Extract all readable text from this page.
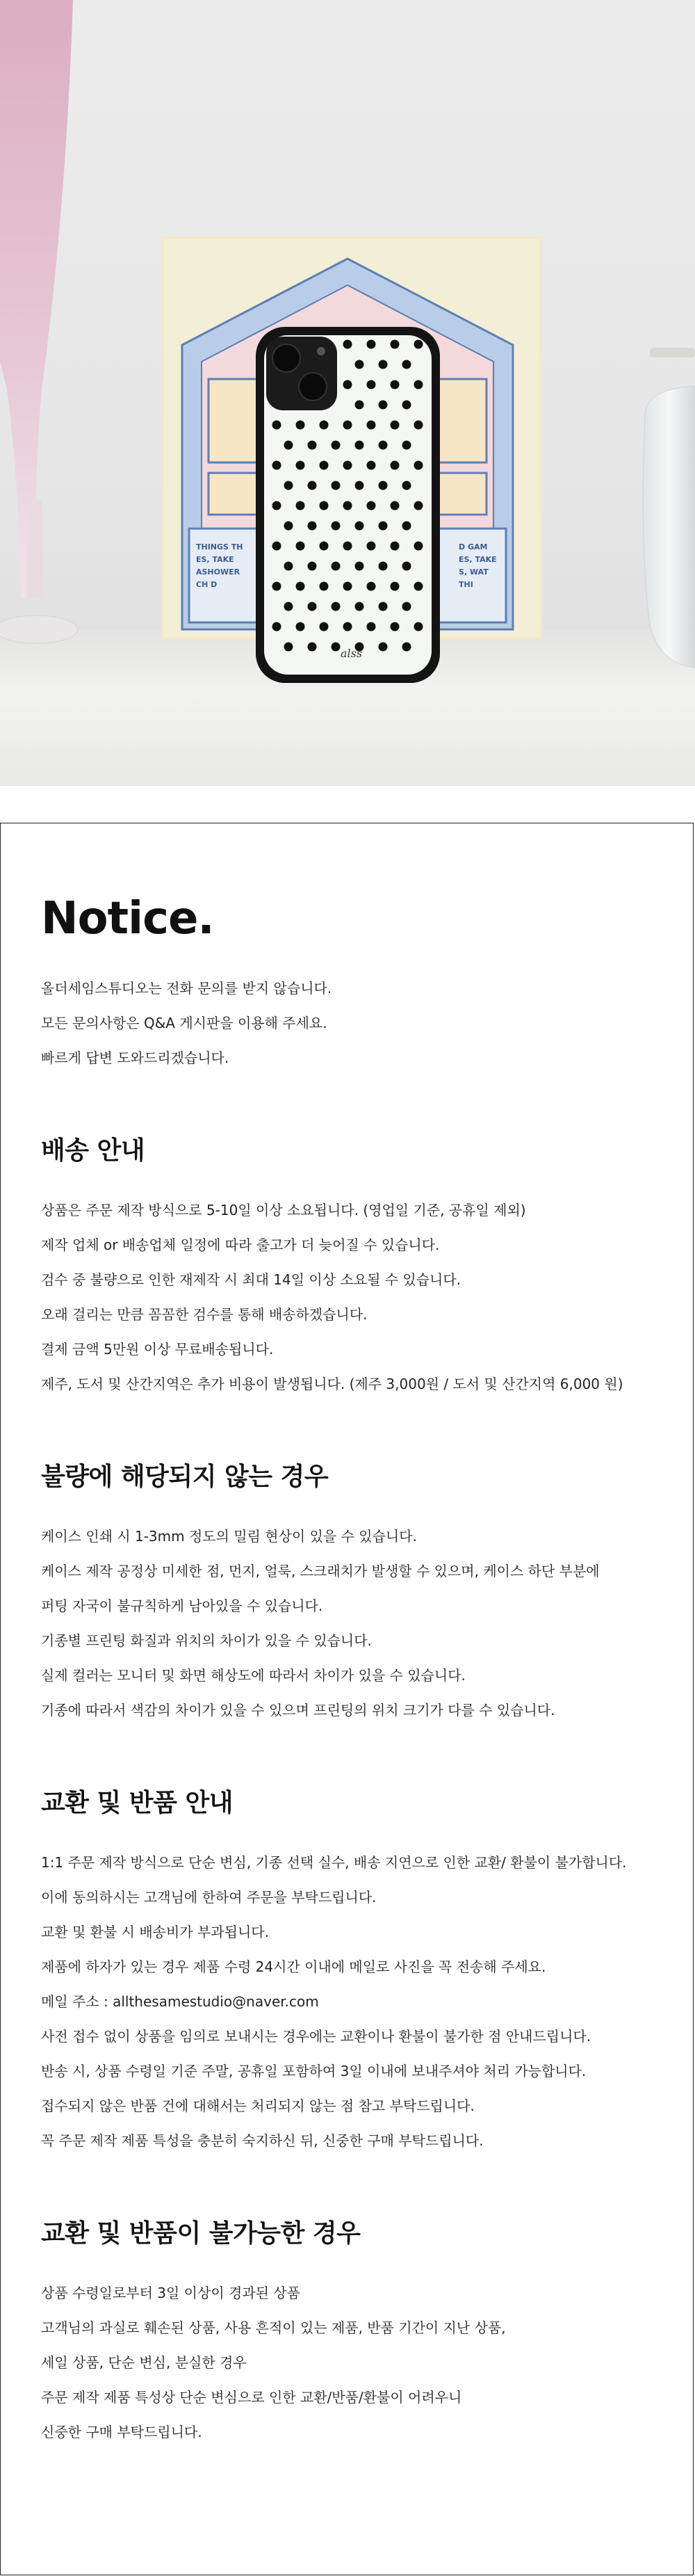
THINGS TH
ES, TAKE
ASHOWER
CH D
D GAM
ES, TAKE
S, WAT
THI
alss
Notice.
올더세임스튜디오는 전화 문의를 받지 않습니다.
모든 문의사항은 Q&A 게시판을 이용해 주세요.
빠르게 답변 도와드리겠습니다.
배송 안내
상품은 주문 제작 방식으로 5-10일 이상 소요됩니다. (영업일 기준, 공휴일 제외)
제작 업체 or 배송업체 일정에 따라 출고가 더 늦어질 수 있습니다.
검수 중 불량으로 인한 재제작 시 최대 14일 이상 소요될 수 있습니다.
오래 걸리는 만큼 꼼꼼한 검수를 통해 배송하겠습니다.
결제 금액 5만원 이상 무료배송됩니다.
제주, 도서 및 산간지역은 추가 비용이 발생됩니다. (제주 3,000원 / 도서 및 산간지역 6,000 원)
불량에 해당되지 않는 경우
케이스 인쇄 시 1-3mm 정도의 밀림 현상이 있을 수 있습니다.
케이스 제작 공정상 미세한 점, 먼지, 얼룩, 스크래치가 발생할 수 있으며, 케이스 하단 부분에
퍼팅 자국이 불규칙하게 남아있을 수 있습니다.
기종별 프린팅 화질과 위치의 차이가 있을 수 있습니다.
실제 컬러는 모니터 및 화면 해상도에 따라서 차이가 있을 수 있습니다.
기종에 따라서 색감의 차이가 있을 수 있으며 프린팅의 위치 크기가 다를 수 있습니다.
교환 및 반품 안내
1:1 주문 제작 방식으로 단순 변심, 기종 선택 실수, 배송 지연으로 인한 교환/ 환불이 불가합니다.
이에 동의하시는 고객님에 한하여 주문을 부탁드립니다.
교환 및 환불 시 배송비가 부과됩니다.
제품에 하자가 있는 경우 제품 수령 24시간 이내에 메일로 사진을 꼭 전송해 주세요.
메일 주소 : allthesamestudio@naver.com
사전 접수 없이 상품을 임의로 보내시는 경우에는 교환이나 환불이 불가한 점 안내드립니다.
반송 시, 상품 수령일 기준 주말, 공휴일 포함하여 3일 이내에 보내주셔야 처리 가능합니다.
접수되지 않은 반품 건에 대해서는 처리되지 않는 점 참고 부탁드립니다.
꼭 주문 제작 제품 특성을 충분히 숙지하신 뒤, 신중한 구매 부탁드립니다.
교환 및 반품이 불가능한 경우
상품 수령일로부터 3일 이상이 경과된 상품
고객님의 과실로 훼손된 상품, 사용 흔적이 있는 제품, 반품 기간이 지난 상품,
세일 상품, 단순 변심, 분실한 경우
주문 제작 제품 특성상 단순 변심으로 인한 교환/반품/환불이 어려우니
신중한 구매 부탁드립니다.
